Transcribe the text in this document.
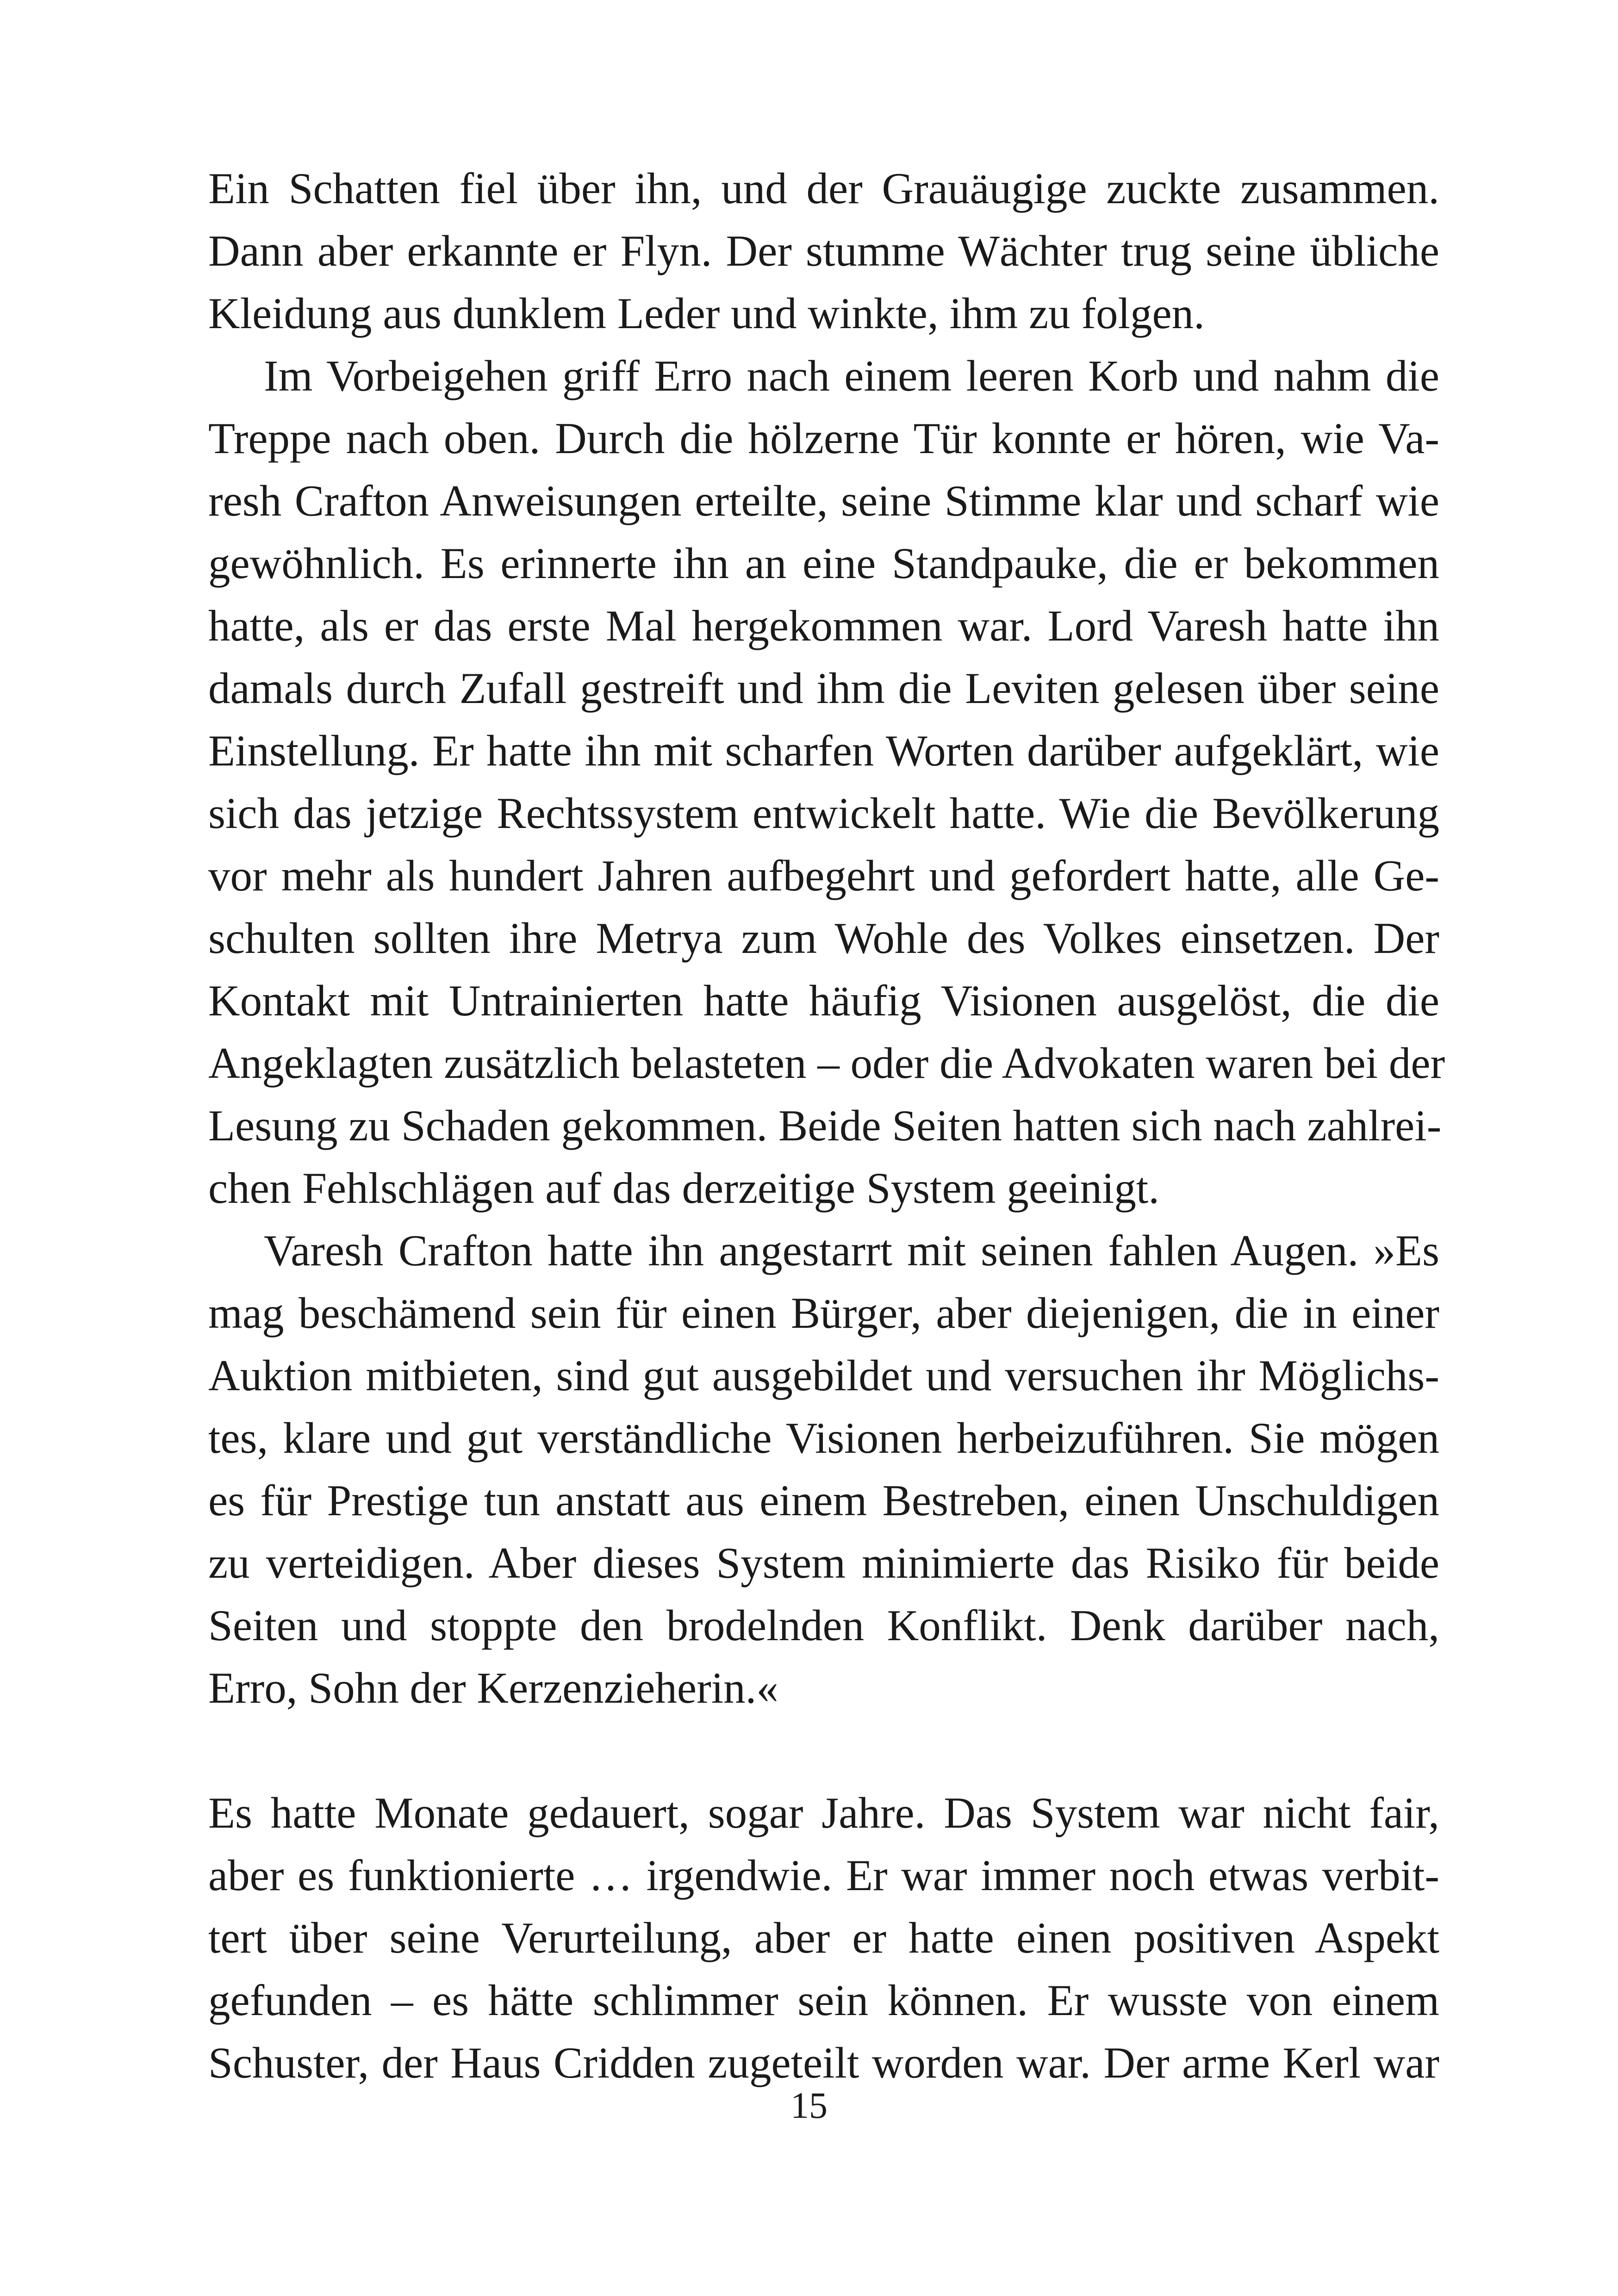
Ein Schatten fiel über ihn, und der Grauäugige zuckte zusammen.
Dann aber erkannte er Flyn. Der stumme Wächter trug seine übliche
Kleidung aus dunklem Leder und winkte, ihm zu folgen.
Im Vorbeigehen griff Erro nach einem leeren Korb und nahm die
Treppe nach oben. Durch die hölzerne Tür konnte er hören, wie Va-
resh Crafton Anweisungen erteilte, seine Stimme klar und scharf wie
gewöhnlich. Es erinnerte ihn an eine Standpauke, die er bekommen
hatte, als er das erste Mal hergekommen war. Lord Varesh hatte ihn
damals durch Zufall gestreift und ihm die Leviten gelesen über seine
Einstellung. Er hatte ihn mit scharfen Worten darüber aufgeklärt, wie
sich das jetzige Rechtssystem entwickelt hatte. Wie die Bevölkerung
vor mehr als hundert Jahren aufbegehrt und gefordert hatte, alle Ge-
schulten sollten ihre Metrya zum Wohle des Volkes einsetzen. Der
Kontakt mit Untrainierten hatte häufig Visionen ausgelöst, die die
Angeklagten zusätzlich belasteten – oder die Advokaten waren bei der
Lesung zu Schaden gekommen. Beide Seiten hatten sich nach zahlrei-
chen Fehlschlägen auf das derzeitige System geeinigt.
Varesh Crafton hatte ihn angestarrt mit seinen fahlen Augen. »Es
mag beschämend sein für einen Bürger, aber diejenigen, die in einer
Auktion mitbieten, sind gut ausgebildet und versuchen ihr Möglichs-
tes, klare und gut verständliche Visionen herbeizuführen. Sie mögen
es für Prestige tun anstatt aus einem Bestreben, einen Unschuldigen
zu verteidigen. Aber dieses System minimierte das Risiko für beide
Seiten und stoppte den brodelnden Konflikt. Denk darüber nach,
Erro, Sohn der Kerzenzieherin.«
Es hatte Monate gedauert, sogar Jahre. Das System war nicht fair,
aber es funktionierte … irgendwie. Er war immer noch etwas verbit-
tert über seine Verurteilung, aber er hatte einen positiven Aspekt
gefunden – es hätte schlimmer sein können. Er wusste von einem
Schuster, der Haus Cridden zugeteilt worden war. Der arme Kerl war
15
